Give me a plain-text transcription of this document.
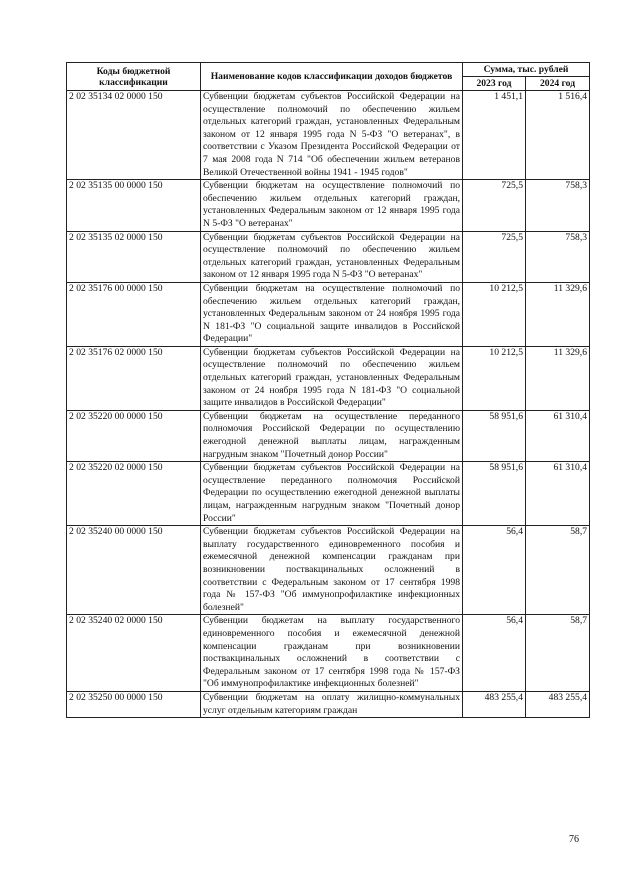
Коды бюджетной классификации	Наименование кодов классификации доходов бюджетов	Сумма, тыс. рублей	
		2023 год	2024 год
2 02 35134 02 0000 150	Субвенции бюджетам субъектов Российской Федерации на осуществление полномочий по обеспечению жильем отдельных категорий граждан, установленных Федеральным законом от 12 января 1995 года N 5-ФЗ "О ветеранах", в соответствии с Указом Президента Российской Федерации от 7 мая 2008 года N 714 "Об обеспечении жильем ветеранов Великой Отечественной войны 1941 - 1945 годов"	1 451,1	1 516,4
2 02 35135 00 0000 150	Субвенции бюджетам на осуществление полномочий по обеспечению жильем отдельных категорий граждан, установленных Федеральным законом от 12 января 1995 года N 5-ФЗ "О ветеранах"	725,5	758,3
2 02 35135 02 0000 150	Субвенции бюджетам субъектов Российской Федерации на осуществление полномочий по обеспечению жильем отдельных категорий граждан, установленных Федеральным законом от 12 января 1995 года N 5-ФЗ "О ветеранах"	725,5	758,3
2 02 35176 00 0000 150	Субвенции бюджетам на осуществление полномочий по обеспечению жильем отдельных категорий граждан, установленных Федеральным законом от 24 ноября 1995 года N 181-ФЗ "О социальной защите инвалидов в Российской Федерации"	10 212,5	11 329,6
2 02 35176 02 0000 150	Субвенции бюджетам субъектов Российской Федерации на осуществление полномочий по обеспечению жильем отдельных категорий граждан, установленных Федеральным законом от 24 ноября 1995 года N 181-ФЗ "О социальной защите инвалидов в Российской Федерации"	10 212,5	11 329,6
2 02 35220 00 0000 150	Субвенции бюджетам на осуществление переданного полномочия Российской Федерации по осуществлению ежегодной денежной выплаты лицам, награжденным нагрудным знаком "Почетный донор России"	58 951,6	61 310,4
2 02 35220 02 0000 150	Субвенции бюджетам субъектов Российской Федерации на осуществление переданного полномочия Российской Федерации по осуществлению ежегодной денежной выплаты лицам, награжденным нагрудным знаком "Почетный донор России"	58 951,6	61 310,4
2 02 35240 00 0000 150	Субвенции бюджетам субъектов Российской Федерации на выплату государственного единовременного пособия и ежемесячной денежной компенсации гражданам при возникновении поствакцинальных осложнений в соответствии с Федеральным законом от 17 сентября 1998 года № 157-ФЗ "Об иммунопрофилактике инфекционных болезней"	56,4	58,7
2 02 35240 02 0000 150	Субвенции бюджетам на выплату государственного единовременного пособия и ежемесячной денежной компенсации гражданам при возникновении поствакцинальных осложнений в соответствии с Федеральным законом от 17 сентября 1998 года № 157-ФЗ "Об иммунопрофилактике инфекционных болезней"	56,4	58,7
2 02 35250 00 0000 150	Субвенции бюджетам на оплату жилищно-коммунальных услуг отдельным категориям граждан	483 255,4	483 255,4
76
